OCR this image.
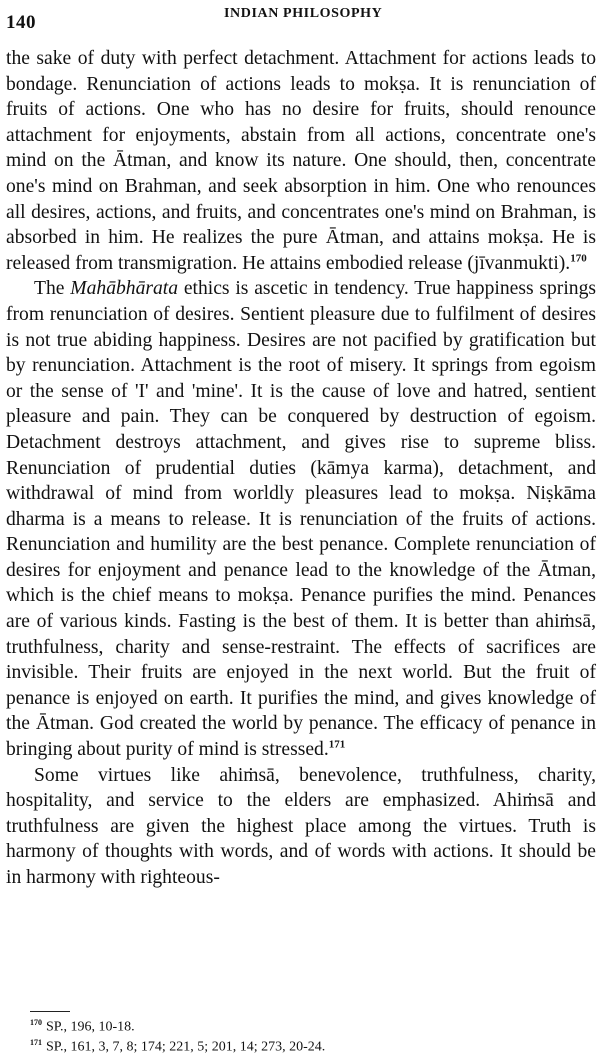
140	INDIAN PHILOSOPHY

the sake of duty with perfect detachment. Attachment for actions leads to bondage. Renunciation of actions leads to mokṣa. It is renunciation of fruits of actions. One who has no desire for fruits, should renounce attachment for enjoyments, abstain from all actions, concentrate one's mind on the Ātman, and know its nature. One should, then, concentrate one's mind on Brahman, and seek absorption in him. One who renounces all desires, actions, and fruits, and concentrates one's mind on Brahman, is absorbed in him. He realizes the pure Ātman, and attains mokṣa. He is released from transmigration. He attains embodied release (jīvanmukti).$^{170}$

The Mahābhārata ethics is ascetic in tendency. True happiness springs from renunciation of desires. Sentient pleasure due to fulfilment of desires is not true abiding happiness. Desires are not pacified by gratification but by renunciation. Attachment is the root of misery. It springs from egoism or the sense of 'I' and 'mine'. It is the cause of love and hatred, sentient pleasure and pain. They can be conquered by destruction of egoism. Detachment destroys attachment, and gives rise to supreme bliss. Renunciation of prudential duties (kāmya karma), detachment, and withdrawal of mind from worldly pleasures lead to mokṣa. Niṣkāma dharma is a means to release. It is renunciation of the fruits of actions. Renunciation and humility are the best penance. Complete renunciation of desires for enjoyment and penance lead to the knowledge of the Ātman, which is the chief means to mokṣa. Penance purifies the mind. Penances are of various kinds. Fasting is the best of them. It is better than ahiṁsā, truthfulness, charity and sense-restraint. The effects of sacrifices are invisible. Their fruits are enjoyed in the next world. But the fruit of penance is enjoyed on earth. It purifies the mind, and gives knowledge of the Ātman. God created the world by penance. The efficacy of penance in bringing about purity of mind is stressed.$^{171}$

Some virtues like ahiṁsā, benevolence, truthfulness, charity, hospitality, and service to the elders are emphasized. Ahiṁsā and truthfulness are given the highest place among the virtues. Truth is harmony of thoughts with words, and of words with actions. It should be in harmony with righteous-

$^{170}$ SP., 196, 10-18.
$^{171}$ SP., 161, 3, 7, 8; 174; 221, 5; 201, 14; 273, 20-24.
